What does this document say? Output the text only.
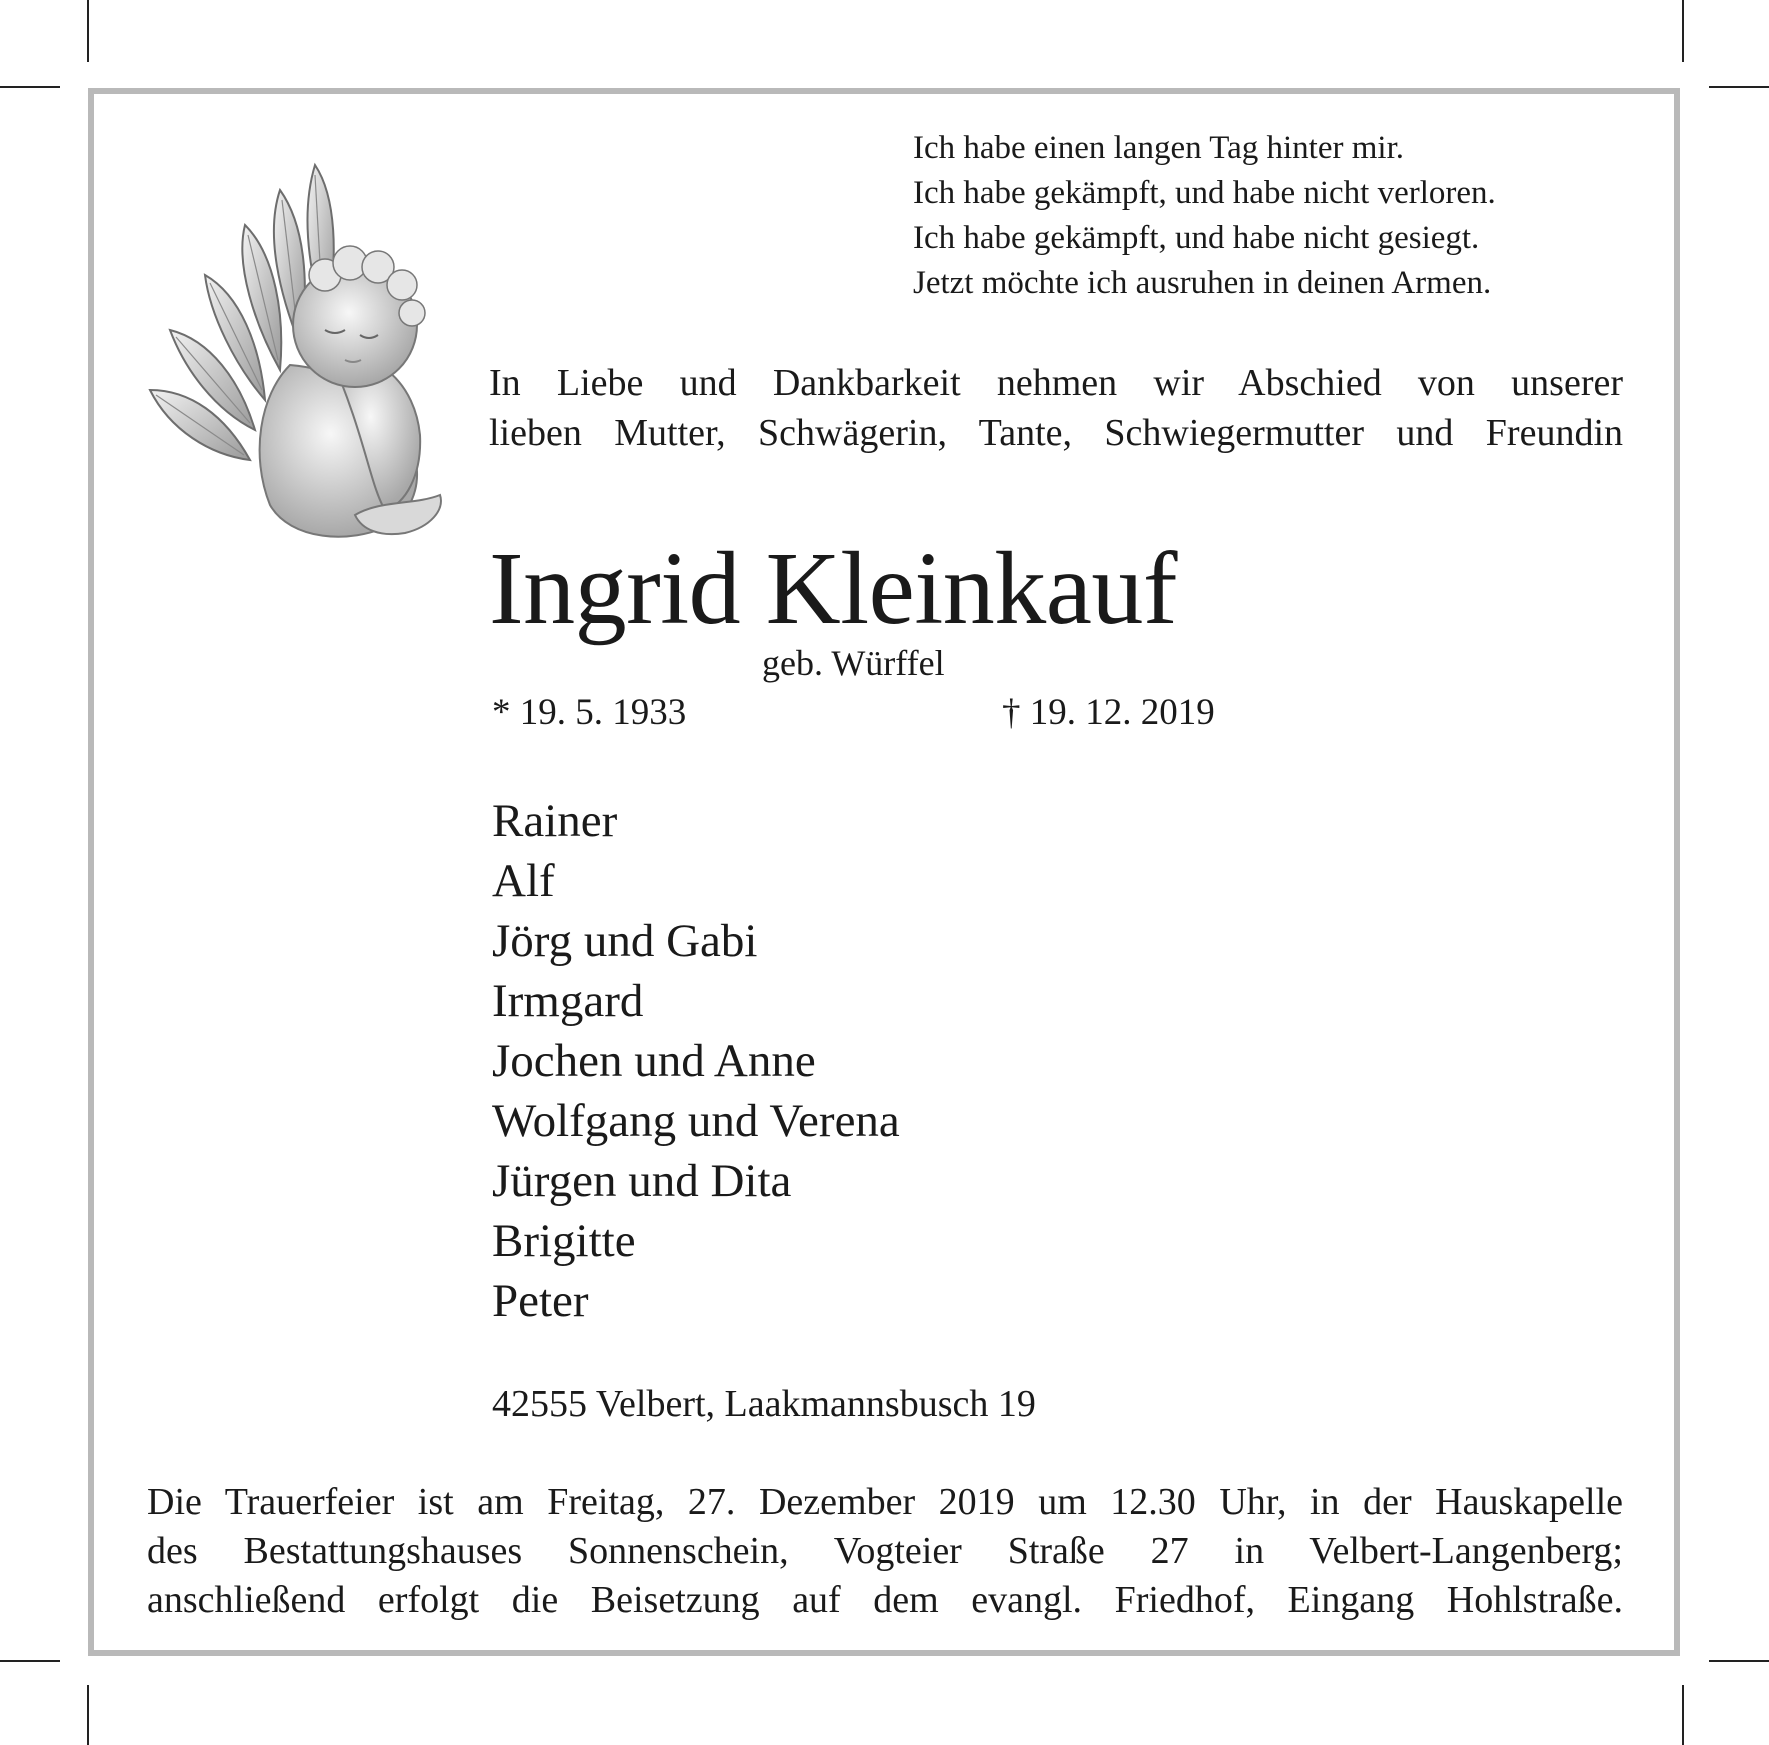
Ich habe einen langen Tag hinter mir.
Ich habe gekämpft, und habe nicht verloren.
Ich habe gekämpft, und habe nicht gesiegt.
Jetzt möchte ich ausruhen in deinen Armen.
In Liebe und Dankbarkeit nehmen wir Abschied von unserer
lieben Mutter, Schwägerin, Tante, Schwiegermutter und Freundin
Ingrid Kleinkauf
geb. Würffel
* 19. 5. 1933	† 19. 12. 2019
Rainer
Alf
Jörg und Gabi
Irmgard
Jochen und Anne
Wolfgang und Verena
Jürgen und Dita
Brigitte
Peter
42555 Velbert, Laakmannsbusch 19
Die Trauerfeier ist am Freitag, 27. Dezember 2019 um 12.30 Uhr, in der Hauskapelle
des Bestattungshauses Sonnenschein, Vogteier Straße 27 in Velbert-Langenberg;
anschließend erfolgt die Beisetzung auf dem evangl. Friedhof, Eingang Hohlstraße.
